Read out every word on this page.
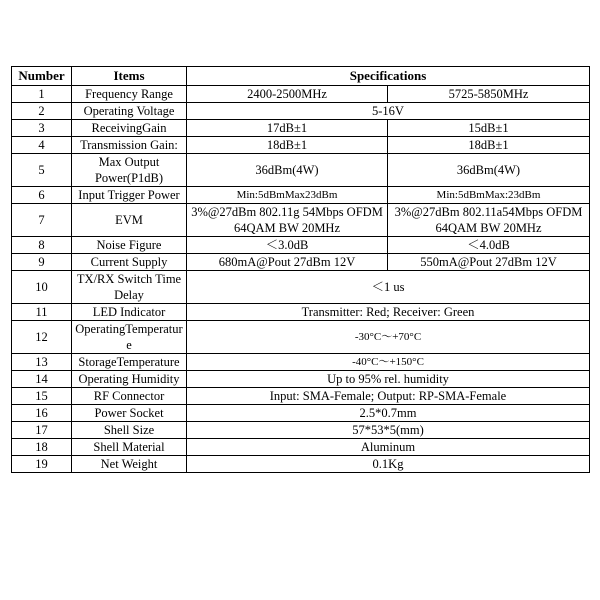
Number	Items	Specifications	
1	Frequency Range	2400-2500MHz	5725-5850MHz
2	Operating Voltage	5-16V	
3	ReceivingGain	17dB±1	15dB±1
4	Transmission Gain:	18dB±1	18dB±1
5	Max Output Power(P1dB)	36dBm(4W)	36dBm(4W)
6	Input Trigger Power	Min:5dBmMax23dBm	Min:5dBmMax:23dBm
7	EVM	3%@27dBm 802.11g 54Mbps OFDM 64QAM BW 20MHz	3%@27dBm 802.11a54Mbps OFDM 64QAM BW 20MHz
8	Noise Figure	＜3.0dB	＜4.0dB
9	Current Supply	680mA@Pout 27dBm 12V	550mA@Pout 27dBm 12V
10	TX/RX Switch Time Delay	＜1 us	
11	LED Indicator	Transmitter: Red; Receiver: Green	
12	OperatingTemperature	-30°C～+70°C	
13	StorageTemperature	-40°C～+150°C	
14	Operating Humidity	Up to 95% rel. humidity	
15	RF Connector	Input: SMA-Female; Output: RP-SMA-Female	
16	Power Socket	2.5*0.7mm	
17	Shell Size	57*53*5(mm)	
18	Shell Material	Aluminum	
19	Net Weight	0.1Kg	
